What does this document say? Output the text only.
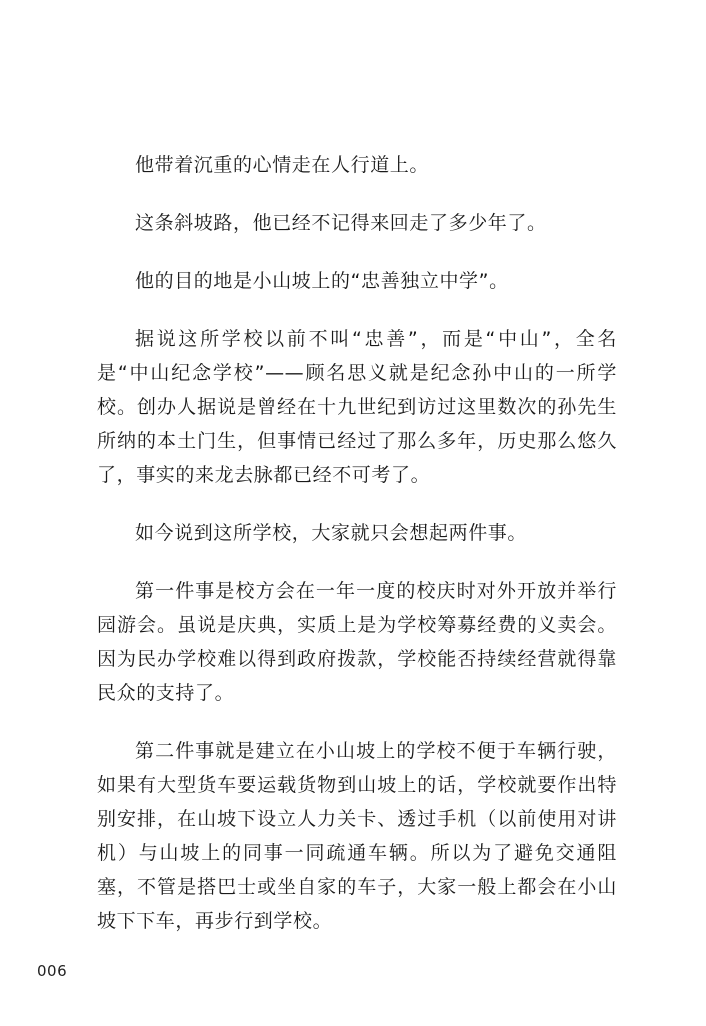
他带着沉重的心情走在人行道上。

这条斜坡路，他已经不记得来回走了多少年了。

他的目的地是小山坡上的“忠善独立中学”。

据说这所学校以前不叫“忠善”，而是“中山”，全名是“中山纪念学校”——顾名思义就是纪念孙中山的一所学校。创办人据说是曾经在十九世纪到访过这里数次的孙先生所纳的本土门生，但事情已经过了那么多年，历史那么悠久了，事实的来龙去脉都已经不可考了。

如今说到这所学校，大家就只会想起两件事。

第一件事是校方会在一年一度的校庆时对外开放并举行园游会。虽说是庆典，实质上是为学校筹募经费的义卖会。因为民办学校难以得到政府拨款，学校能否持续经营就得靠民众的支持了。

第二件事就是建立在小山坡上的学校不便于车辆行驶，如果有大型货车要运载货物到山坡上的话，学校就要作出特别安排，在山坡下设立人力关卡、透过手机（以前使用对讲机）与山坡上的同事一同疏通车辆。所以为了避免交通阻塞，不管是搭巴士或坐自家的车子，大家一般上都会在小山坡下下车，再步行到学校。

006
